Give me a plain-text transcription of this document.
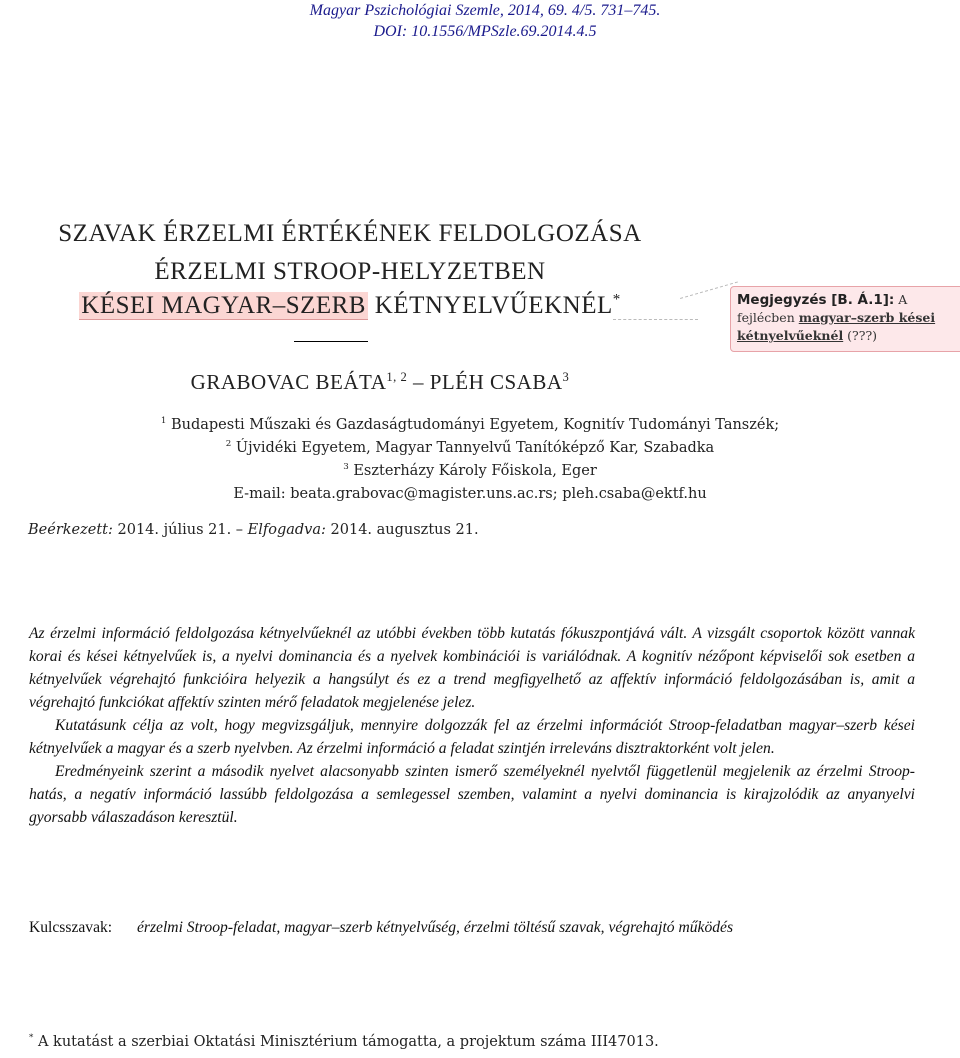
Magyar Pszichológiai Szemle, 2014, 69. 4/5. 731–745.
DOI: 10.1556/MPSzle.69.2014.4.5
SZAVAK ÉRZELMI ÉRTÉKÉNEK FELDOLGOZÁSA
ÉRZELMI STROOP-HELYZETBEN
KÉSEI MAGYAR–SZERB KÉTNYELVŰEKNÉL*	Megjegyzés [B. Á.1]: A fejlécben magyar–szerb kései kétnyelvűeknél (???)
GRABOVAC BEÁTA$^{1, 2}$ – PLÉH CSABA$^3$
$^1$ Budapesti Műszaki és Gazdaságtudományi Egyetem, Kognitív Tudományi Tanszék;
$^2$ Újvidéki Egyetem, Magyar Tannyelvű Tanítóképző Kar, Szabadka
$^3$ Eszterházy Károly Főiskola, Eger
E-mail: beata.grabovac@magister.uns.ac.rs; pleh.csaba@ektf.hu
Beérkezett: 2014. július 21. – Elfogadva: 2014. augusztus 21.

Az érzelmi információ feldolgozása kétnyelvűeknél az utóbbi években több kutatás fókuszpontjává vált. A vizsgált csoportok között vannak korai és kései kétnyelvűek is, a nyelvi dominancia és a nyelvek kombinációi is variálódnak. A kognitív nézőpont képviselői sok esetben a kétnyelvűek végrehajtó funkcióira helyezik a hangsúlyt és ez a trend megfigyelhető az affektív információ feldolgozásában is, amit a végrehajtó funkciókat affektív szinten mérő feladatok megjelenése jelez.

Kutatásunk célja az volt, hogy megvizsgáljuk, mennyire dolgozzák fel az érzelmi információt Stroop-feladatban magyar–szerb kései kétnyelvűek a magyar és a szerb nyelvben. Az érzelmi információ a feladat szintjén irreleváns disztraktorként volt jelen.

Eredményeink szerint a második nyelvet alacsonyabb szinten ismerő személyeknél nyelvtől függetlenül megjelenik az érzelmi Stroop-hatás, a negatív információ lassúbb feldolgozása a semlegessel szemben, valamint a nyelvi dominancia is kirajzolódik az anyanyelvi gyorsabb válaszadáson keresztül.

Kulcsszavak: érzelmi Stroop-feladat, magyar–szerb kétnyelvűség, érzelmi töltésű szavak, végrehajtó működés
* A kutatást a szerbiai Oktatási Minisztérium támogatta, a projektum száma III47013.
